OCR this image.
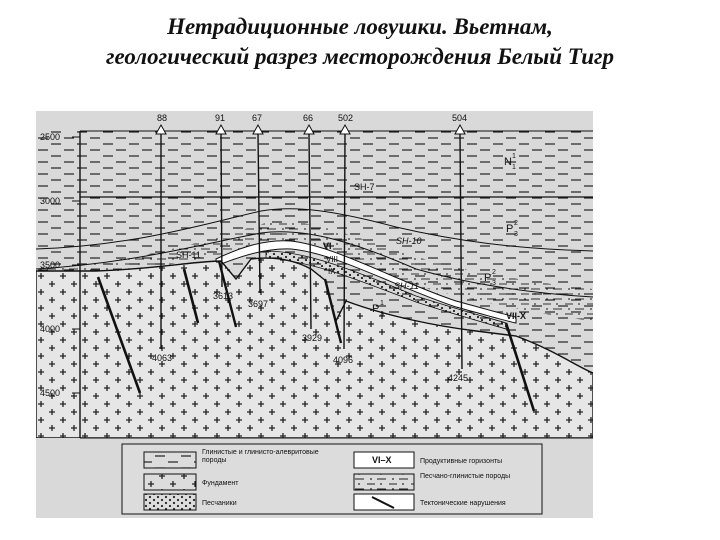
Нетрадиционные ловушки. Вьетнам,
геологический разрез месторождения Белый Тигр
2500
3000
3500
4000
4500
88
4063
91
3613
67
3697
66
3929
502
4096
504
4245
SH-7
SH-10
SH-11
SH-11
N 1
1
P 2
3
P 2
3
P 1
3
VI
VIII
IX
VII-X
Глинистые и глинисто-алевритовые породы
Фундамент
Песчаники
VI–X	Продуктивные горизонты
Песчано-глинистые породы
Тектонические нарушения
